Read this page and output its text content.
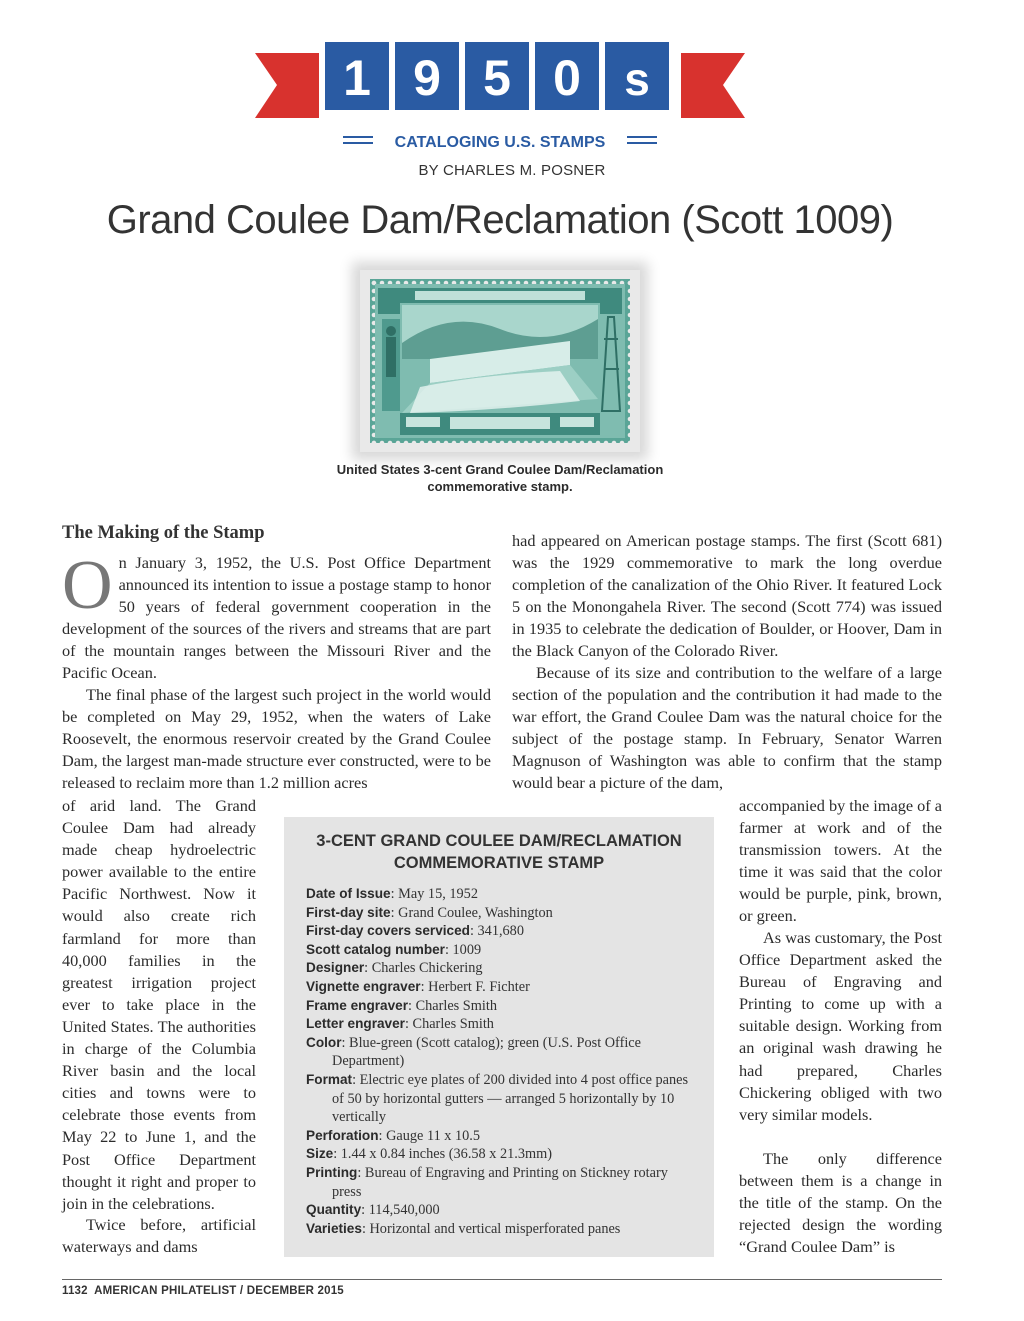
1 9 5 0 s
CATALOGING U.S. STAMPS
BY CHARLES M. POSNER
Grand Coulee Dam/Reclamation (Scott 1009)
United States 3-cent Grand Coulee Dam/Reclamation commemorative stamp.
The Making of the Stamp

On January 3, 1952, the U.S. Post Office Department announced its intention to issue a postage stamp to honor 50 years of federal government cooperation in the development of the sources of the rivers and streams that are part of the mountain ranges between the Missouri River and the Pacific Ocean.

The final phase of the largest such project in the world would be completed on May 29, 1952, when the waters of Lake Roosevelt, the enormous reservoir created by the Grand Coulee Dam, the largest man-made structure ever constructed, were to be released to reclaim more than 1.2 million acres

of arid land. The Grand Coulee Dam had already made cheap hydroelectric power available to the entire Pacific Northwest. Now it would also create rich farmland for more than 40,000 families in the greatest irrigation project ever to take place in the United States. The authorities in charge of the Columbia River basin and the local cities and towns were to celebrate those events from May 22 to June 1, and the Post Office Department thought it right and proper to join in the celebrations.

Twice before, artificial waterways and dams

had appeared on American postage stamps. The first (Scott 681) was the 1929 commemorative to mark the long overdue completion of the canalization of the Ohio River. It featured Lock 5 on the Monongahela River. The second (Scott 774) was issued in 1935 to celebrate the dedication of Boulder, or Hoover, Dam in the Black Canyon of the Colorado River.

Because of its size and contribution to the welfare of a large section of the population and the contribution it had made to the war effort, the Grand Coulee Dam was the natural choice for the subject of the postage stamp. In February, Senator Warren Magnuson of Washington was able to confirm that the stamp would bear a picture of the dam,

accompanied by the image of a farmer at work and of the transmission towers. At the time it was said that the color would be purple, pink, brown, or green.

As was customary, the Post Office Department asked the Bureau of Engraving and Printing to come up with a suitable design. Working from an original wash drawing he had prepared, Charles Chickering obliged with two very similar models.

The only difference between them is a change in the title of the stamp. On the rejected design the wording “Grand Coulee Dam” is

3-CENT GRAND COULEE DAM/RECLAMATION COMMEMORATIVE STAMP
Date of Issue: May 15, 1952
First-day site: Grand Coulee, Washington
First-day covers serviced: 341,680
Scott catalog number: 1009
Designer: Charles Chickering
Vignette engraver: Herbert F. Fichter
Frame engraver: Charles Smith
Letter engraver: Charles Smith
Color: Blue-green (Scott catalog); green (U.S. Post Office Department)
Format: Electric eye plates of 200 divided into 4 post office panes of 50 by horizontal gutters — arranged 5 horizontally by 10 vertically
Perforation: Gauge 11 x 10.5
Size: 1.44 x 0.84 inches (36.58 x 21.3mm)
Printing: Bureau of Engraving and Printing on Stickney rotary press
Quantity: 114,540,000
Varieties: Horizontal and vertical misperforated panes
1132  AMERICAN PHILATELIST / DECEMBER 2015
